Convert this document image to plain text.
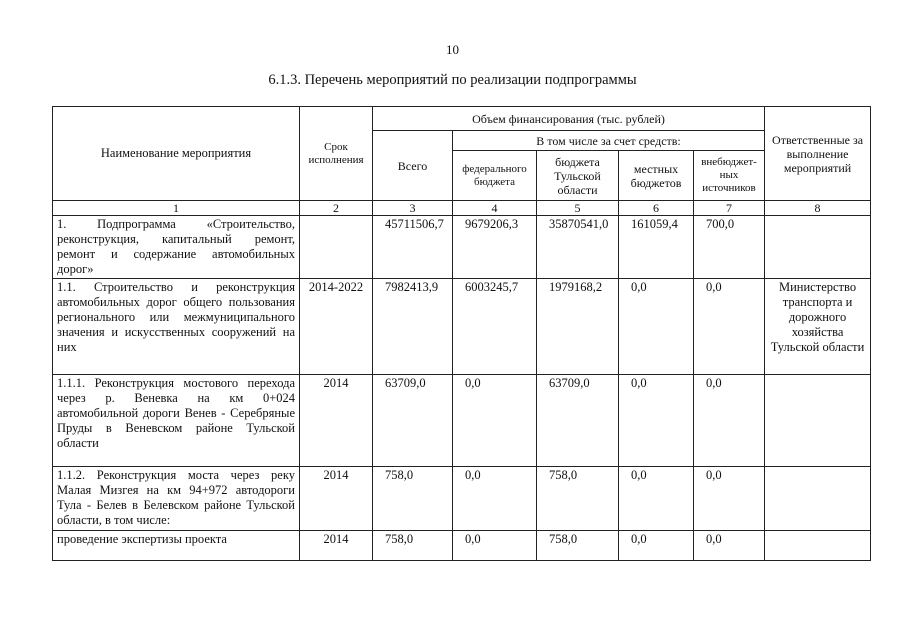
10
6.1.3. Перечень мероприятий по реализации подпрограммы
Наименование мероприятия	Срок исполнения	Объем финансирования (тыс. рублей)					Ответственные за выполнение мероприятий
		Всего	В том числе за счет средств:				
			федерального бюджета	бюджета Тульской области	местных бюджетов	внебюджет-ных источников	
1	2	3	4	5	6	7	8
1. Подпрограмма «Строительство, реконструкция, капитальный ремонт, ремонт и содержание автомобильных дорог»		45711506,7	9679206,3	35870541,0	161059,4	700,0	
1.1. Строительство и реконструкция автомобильных дорог общего пользования регионального или межмуниципального значения и искусственных сооружений на них	2014-2022	7982413,9	6003245,7	1979168,2	0,0	0,0	Министерство транспорта и дорожного хозяйства Тульской области
1.1.1. Реконструкция мостового перехода через р. Веневка на км 0+024 автомобильной дороги Венев - Серебряные Пруды в Веневском районе Тульской области	2014	63709,0	0,0	63709,0	0,0	0,0	
1.1.2. Реконструкция моста через реку Малая Мизгея на км 94+972 автодороги Тула - Белев в Белевском районе Тульской области, в том числе:	2014	758,0	0,0	758,0	0,0	0,0	
проведение экспертизы проекта	2014	758,0	0,0	758,0	0,0	0,0	
